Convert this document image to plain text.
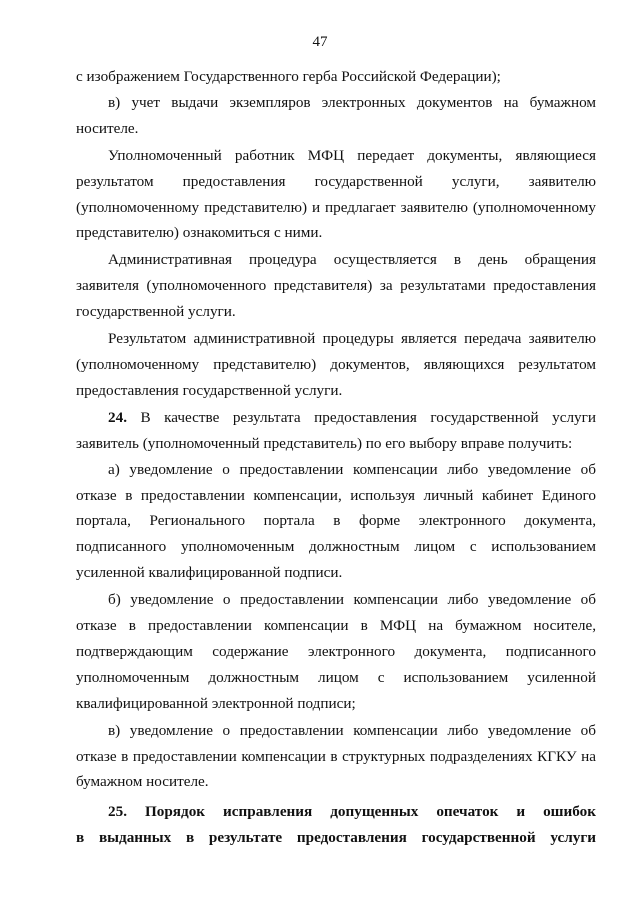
47

с изображением Государственного герба Российской Федерации);

в) учет выдачи экземпляров электронных документов на бумажном носителе.

Уполномоченный работник МФЦ передает документы, являющиеся результатом предоставления государственной услуги, заявителю (уполномоченному представителю) и предлагает заявителю (уполномоченному представителю) ознакомиться с ними.

Административная процедура осуществляется в день обращения заявителя (уполномоченного представителя) за результатами предоставления государственной услуги.

Результатом административной процедуры является передача заявителю (уполномоченному представителю) документов, являющихся результатом предоставления государственной услуги.

24. В качестве результата предоставления государственной услуги заявитель (уполномоченный представитель) по его выбору вправе получить:

а) уведомление о предоставлении компенсации либо уведомление об отказе в предоставлении компенсации, используя личный кабинет Единого портала, Регионального портала в форме электронного документа, подписанного уполномоченным должностным лицом с использованием усиленной квалифицированной подписи.

б) уведомление о предоставлении компенсации либо уведомление об отказе в предоставлении компенсации в МФЦ на бумажном носителе, подтверждающим содержание электронного документа, подписанного уполномоченным должностным лицом с использованием усиленной квалифицированной электронной подписи;

в) уведомление о предоставлении компенсации либо уведомление об отказе в предоставлении компенсации в структурных подразделениях КГКУ на бумажном носителе.

25. Порядок исправления допущенных опечаток и ошибок
в выданных в результате предоставления государственной услуги
